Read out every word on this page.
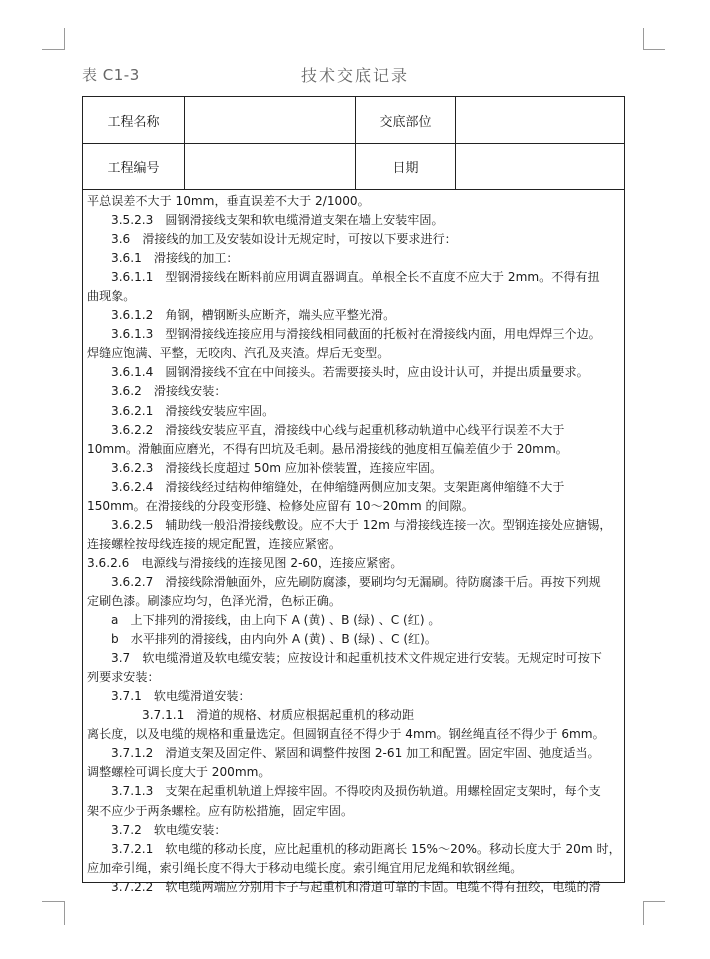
表 C1-3	技术交底记录
工程名称	交底部位
工程编号	日期

平总误差不大于 10mm，垂直误差不大于 2/1000。

3.5.2.3　圆钢滑接线支架和软电缆滑道支架在墙上安装牢固。

3.6　滑接线的加工及安装如设计无规定时，可按以下要求进行：

3.6.1　滑接线的加工：

3.6.1.1　型钢滑接线在断料前应用调直器调直。单根全长不直度不应大于 2mm。不得有扭

曲现象。

3.6.1.2　角钢，槽钢断头应断齐，端头应平整光滑。

3.6.1.3　型钢滑接线连接应用与滑接线相同截面的托板衬在滑接线内面，用电焊焊三个边。

焊缝应饱满、平整，无咬肉、汽孔及夹渣。焊后无变型。

3.6.1.4　圆钢滑接线不宜在中间接头。若需要接头时，应由设计认可，并提出质量要求。

3.6.2　滑接线安装：

3.6.2.1　滑接线安装应牢固。

3.6.2.2　滑接线安装应平直，滑接线中心线与起重机移动轨道中心线平行误差不大于

10mm。滑触面应磨光，不得有凹坑及毛刺。悬吊滑接线的弛度相互偏差值少于 20mm。

3.6.2.3　滑接线长度超过 50m 应加补偿装置，连接应牢固。

3.6.2.4　滑接线经过结构伸缩缝处，在伸缩缝两侧应加支架。支架距离伸缩缝不大于

150mm。在滑接线的分段变形缝、检修处应留有 10～20mm 的间隙。

3.6.2.5　辅助线一般沿滑接线敷设。应不大于 12m 与滑接线连接一次。型钢连接处应搪锡，

连接螺栓按母线连接的规定配置，连接应紧密。

3.6.2.6　电源线与滑接线的连接见图 2-60，连接应紧密。

3.6.2.7　滑接线除滑触面外，应先刷防腐漆，要刷均匀无漏刷。待防腐漆干后。再按下列规

定刷色漆。刷漆应均匀，色泽光滑，色标正确。

a　上下排列的滑接线，由上向下 A (黄) 、B (绿) 、C (红) 。

b　水平排列的滑接线，由内向外 A (黄) 、B (绿) 、C (红)。

3.7　软电缆滑道及软电缆安装；应按设计和起重机技术文件规定进行安装。无规定时可按下

列要求安装：

3.7.1　软电缆滑道安装：

3.7.1.1　滑道的规格、材质应根据起重机的移动距

离长度，以及电缆的规格和重量选定。但圆钢直径不得少于 4mm。钢丝绳直径不得少于 6mm。

3.7.1.2　滑道支架及固定件、紧固和调整件按图 2-61 加工和配置。固定牢固、弛度适当。

调整螺栓可调长度大于 200mm。

3.7.1.3　支架在起重机轨道上焊接牢固。不得咬肉及损伤轨道。用螺栓固定支架时，每个支

架不应少于两条螺栓。应有防松措施，固定牢固。

3.7.2　软电缆安装：

3.7.2.1　软电缆的移动长度，应比起重机的移动距离长 15%～20%。移动长度大于 20m 时，

应加牵引绳，索引绳长度不得大于移动电缆长度。索引绳宜用尼龙绳和软钢丝绳。

3.7.2.2　软电缆两端应分别用卡子与起重机和滑道可靠的卡固。电缆不得有扭绞，电缆的滑
